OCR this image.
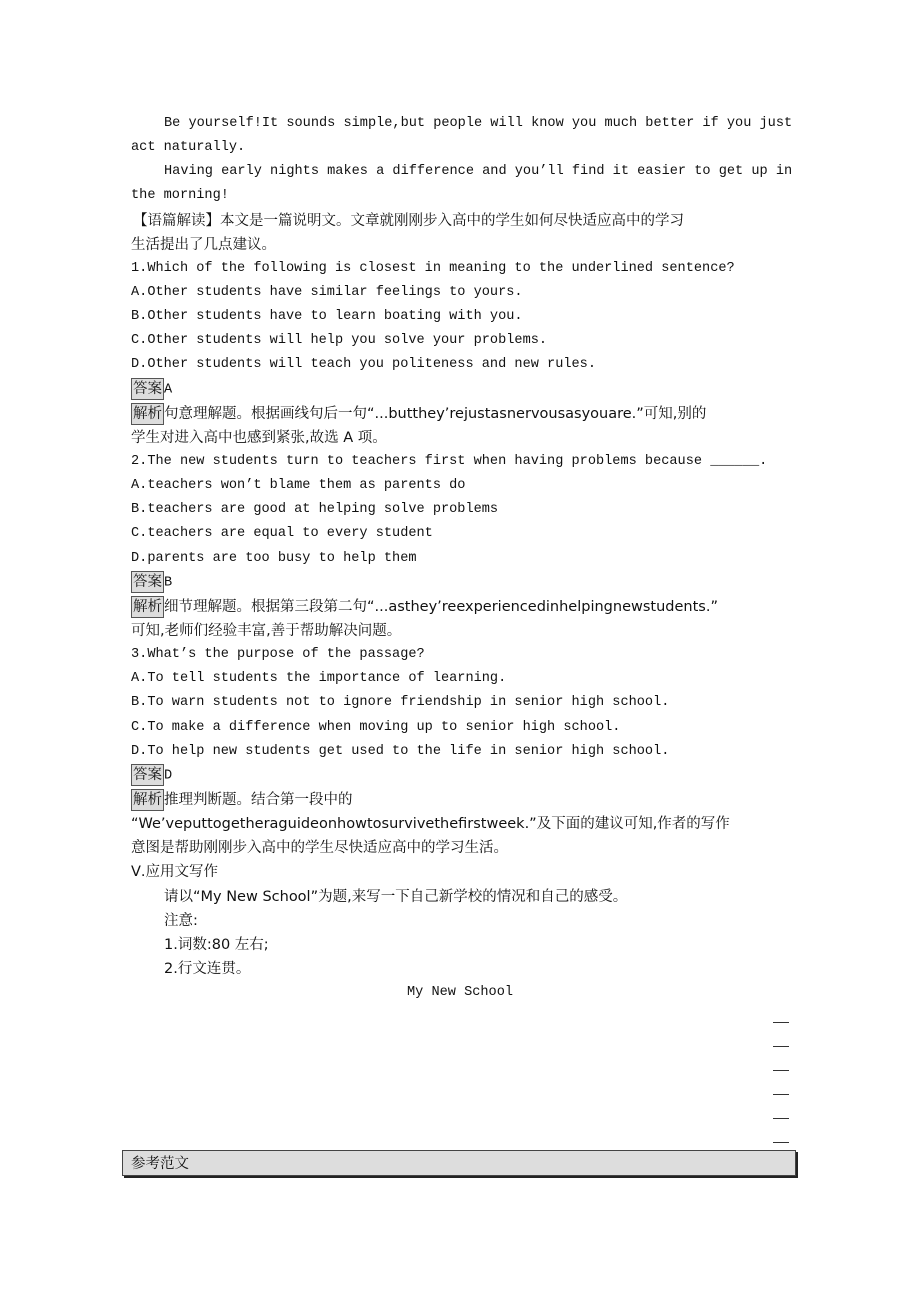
Be yourself!It sounds simple,but people will know you much better if you just
act naturally.
Having early nights makes a difference and you’ll find it easier to get up in
the morning!
【语篇解读】本文是一篇说明文。文章就刚刚步入高中的学生如何尽快适应高中的学习
生活提出了几点建议。
1.Which of the following is closest in meaning to the underlined sentence?
A.Other students have similar feelings to yours.
B.Other students have to learn boating with you.
C.Other students will help you solve your problems.
D.Other students will teach you politeness and new rules.
答案 A
解析 句意理解题。根据画线句后一句“...butthey’rejustasnervousasyouare.”可知,别的
学生对进入高中也感到紧张,故选 A 项。
2.The new students turn to teachers first when having problems because ______.
A.teachers won’t blame them as parents do
B.teachers are good at helping solve problems
C.teachers are equal to every student
D.parents are too busy to help them
答案 B
解析 细节理解题。根据第三段第二句“...asthey’reexperiencedinhelpingnewstudents.”
可知,老师们经验丰富,善于帮助解决问题。
3.What’s the purpose of the passage?
A.To tell students the importance of learning.
B.To warn students not to ignore friendship in senior high school.
C.To make a difference when moving up to senior high school.
D.To help new students get used to the life in senior high school.
答案 D
解析 推理判断题。结合第一段中的
“We’veputtogetheraguideonhowtosurvivethefirstweek.”及下面的建议可知,作者的写作
意图是帮助刚刚步入高中的学生尽快适应高中的学习生活。
Ⅴ.应用文写作
请以“My New School”为题,来写一下自己新学校的情况和自己的感受。
注意:
1.词数:80 左右;
2.行文连贯。
My New School
参考范文
